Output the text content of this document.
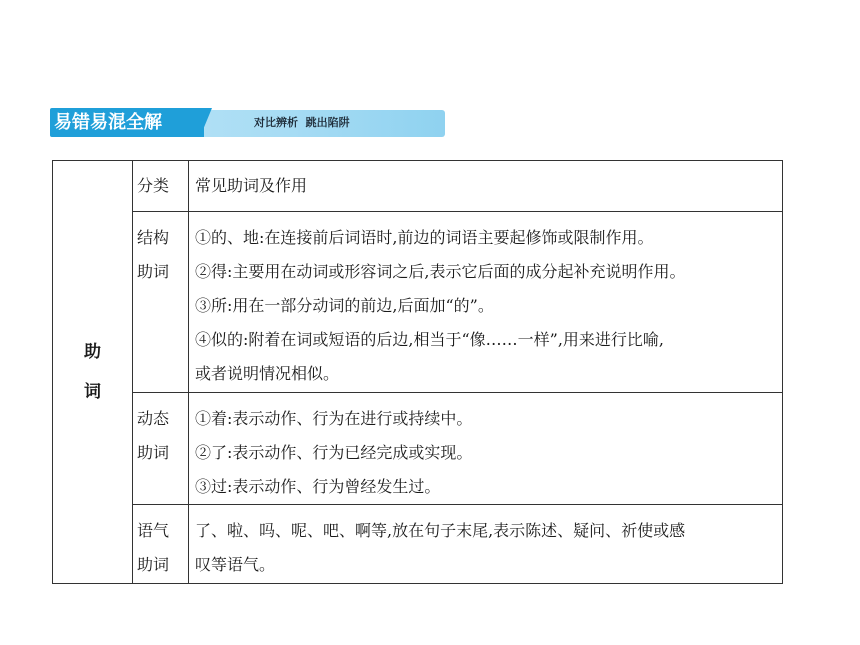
易错易混全解	对比辨析  跳出陷阱
助词	分类	常见助词及作用

	结构助词	①的、地:在连接前后词语时,前边的词语主要起修饰或限制作用。
②得:主要用在动词或形容词之后,表示它后面的成分起补充说明作用。
③所:用在一部分动词的前边,后面加“的”。
④似的:附着在词或短语的后边,相当于“像……一样”,用来进行比喻,
或者说明情况相似。

	动态助词	①着:表示动作、行为在进行或持续中。
②了:表示动作、行为已经完成或实现。
③过:表示动作、行为曾经发生过。

	语气助词	了、啦、吗、呢、吧、啊等,放在句子末尾,表示陈述、疑问、祈使或感
叹等语气。
